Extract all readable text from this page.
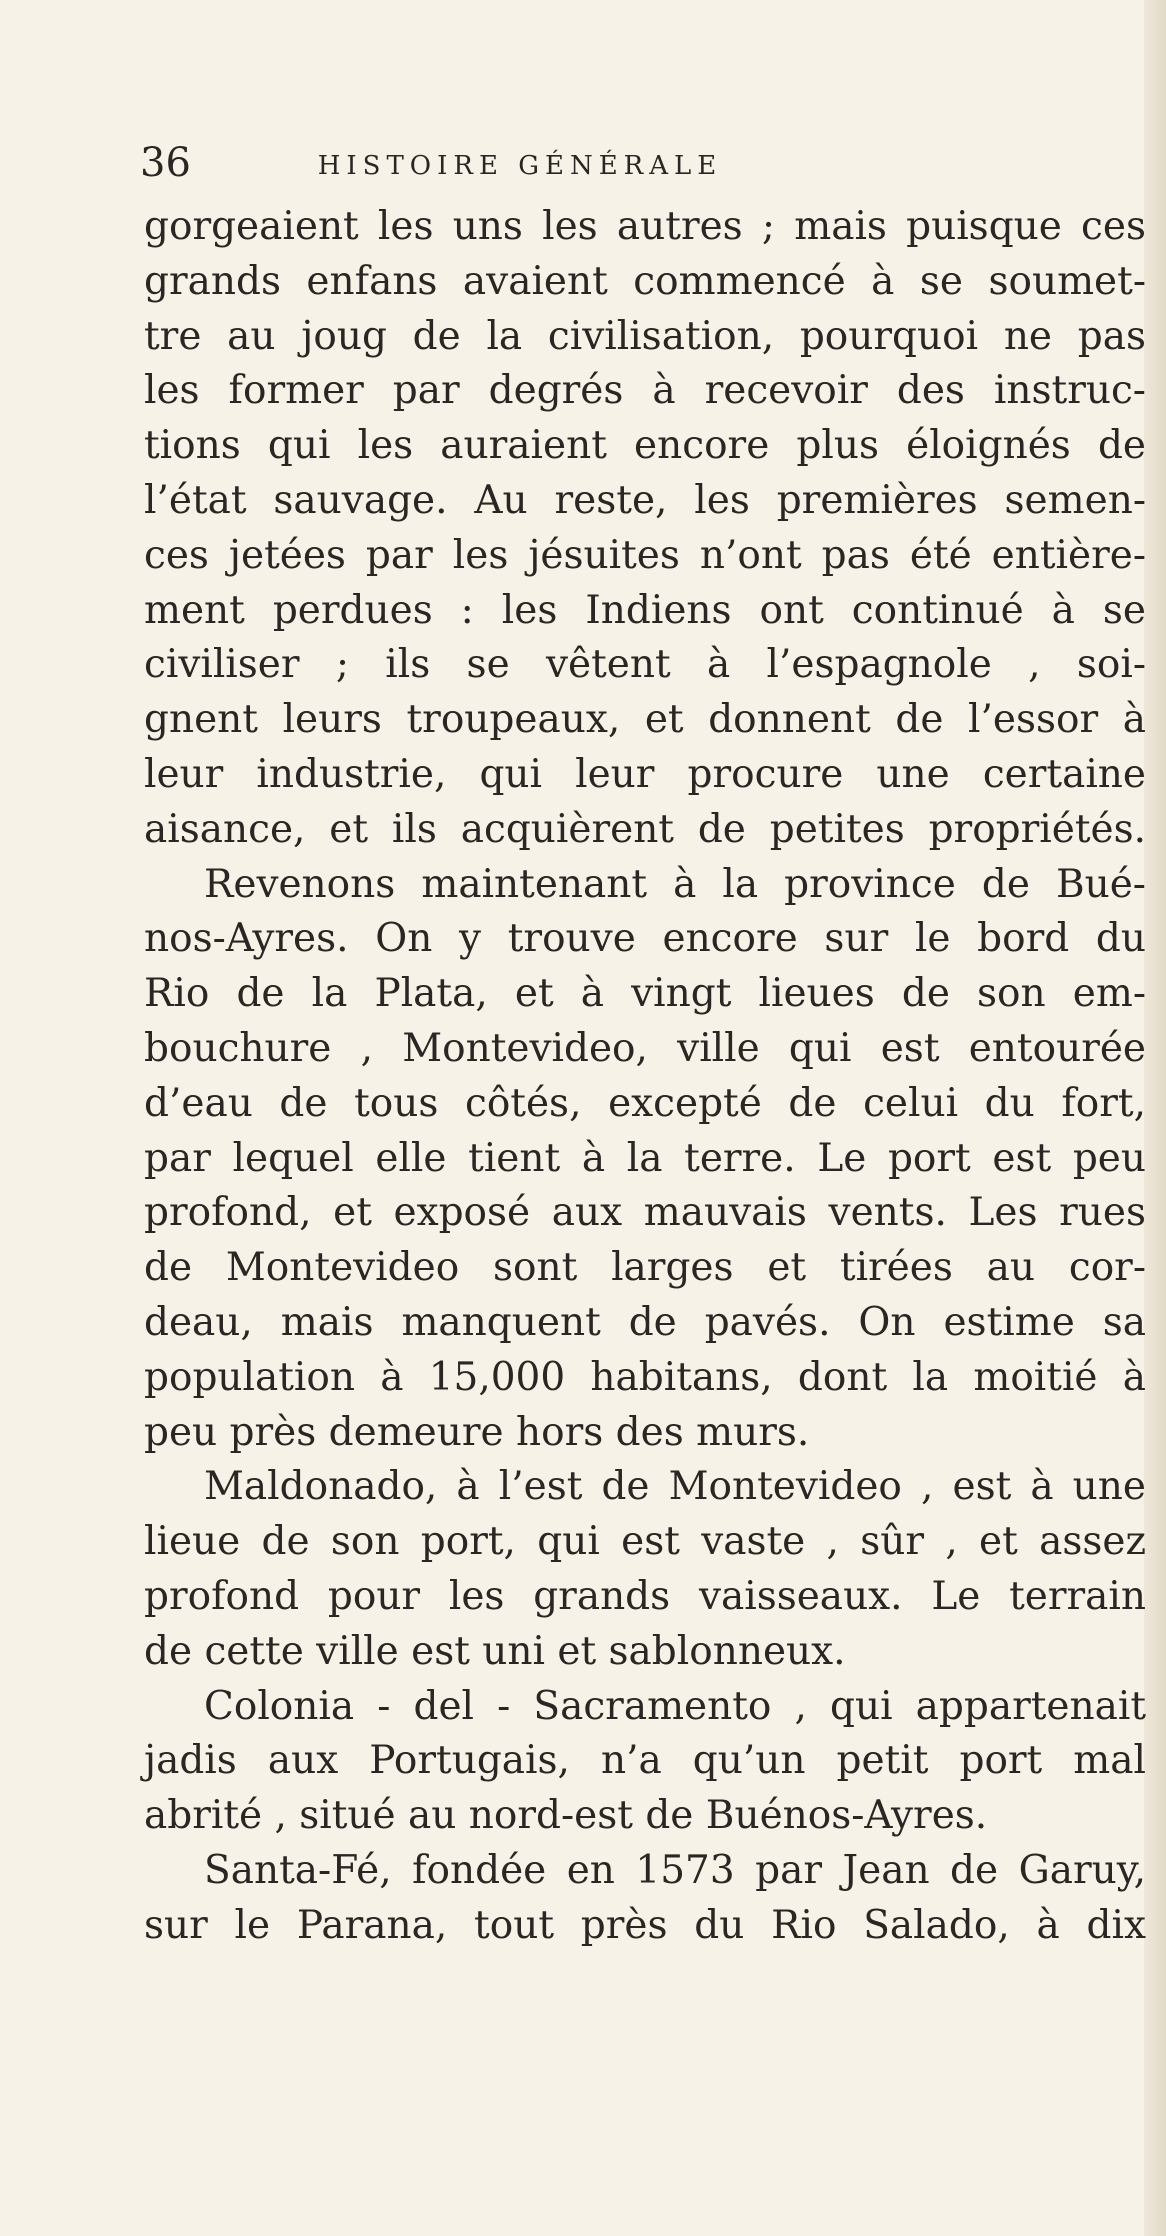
36	HISTOIRE GÉNÉRALE
gorgeaient les uns les autres ; mais puisque ces
grands enfans avaient commencé à se soumet-
tre au joug de la civilisation, pourquoi ne pas
les former par degrés à recevoir des instruc-
tions qui les auraient encore plus éloignés de
l’état sauvage. Au reste, les premières semen-
ces jetées par les jésuites n’ont pas été entière-
ment perdues : les Indiens ont continué à se
civiliser ; ils se vêtent à l’espagnole , soi-
gnent leurs troupeaux, et donnent de l’essor à
leur industrie, qui leur procure une certaine
aisance, et ils acquièrent de petites propriétés.
Revenons maintenant à la province de Bué-
nos-Ayres. On y trouve encore sur le bord du
Rio de la Plata, et à vingt lieues de son em-
bouchure , Montevideo, ville qui est entourée
d’eau de tous côtés, excepté de celui du fort,
par lequel elle tient à la terre. Le port est peu
profond, et exposé aux mauvais vents. Les rues
de Montevideo sont larges et tirées au cor-
deau, mais manquent de pavés. On estime sa
population à 15,000 habitans, dont la moitié à
peu près demeure hors des murs.
Maldonado, à l’est de Montevideo , est à une
lieue de son port, qui est vaste , sûr , et assez
profond pour les grands vaisseaux. Le terrain
de cette ville est uni et sablonneux.
Colonia - del - Sacramento , qui appartenait
jadis aux Portugais, n’a qu’un petit port mal
abrité , situé au nord-est de Buénos-Ayres.
Santa-Fé, fondée en 1573 par Jean de Garuy,
sur le Parana, tout près du Rio Salado, à dix
